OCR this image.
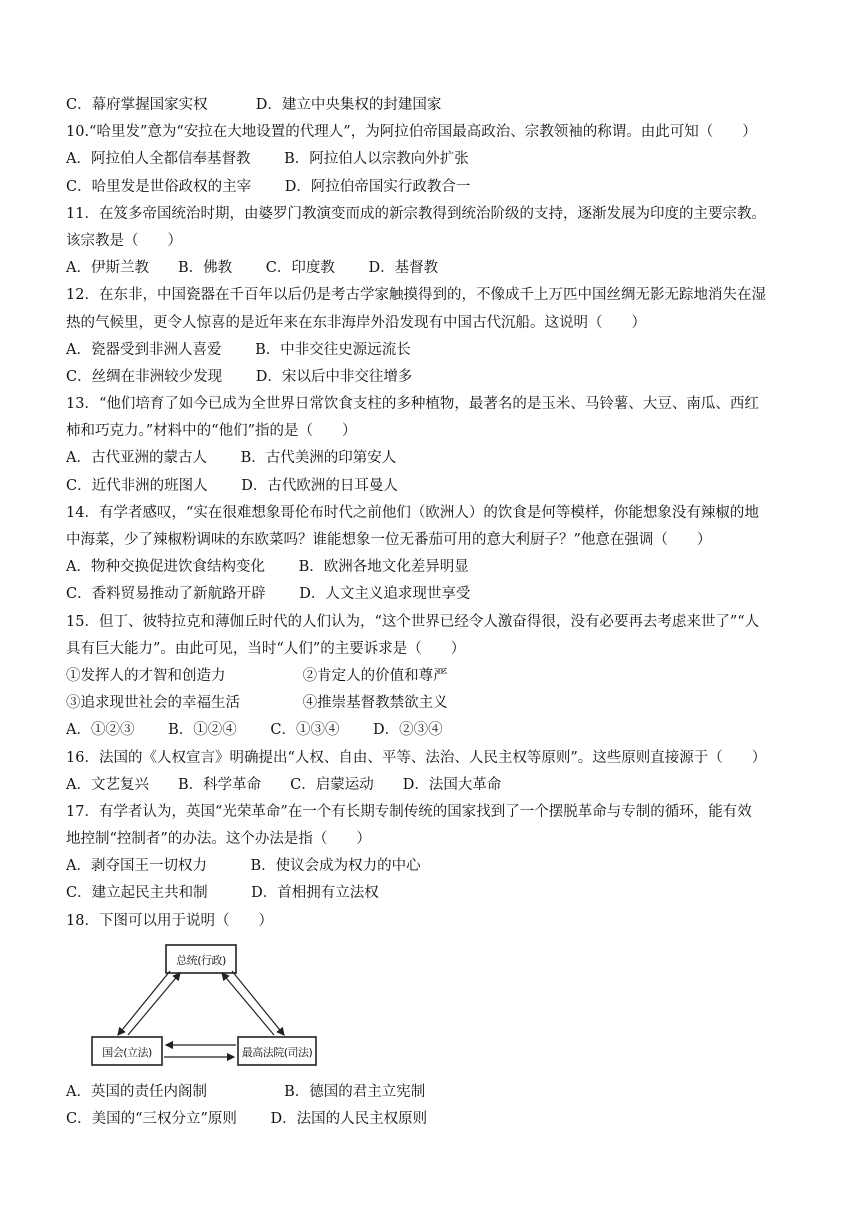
C．幕府掌握国家实权　　　 D．建立中央集权的封建国家
10.“哈里发”意为“安拉在大地设置的代理人”，为阿拉伯帝国最高政治、宗教领袖的称谓。由此可知（　　）
A．阿拉伯人全都信奉基督教　　 B．阿拉伯人以宗教向外扩张
C．哈里发是世俗政权的主宰　　 D．阿拉伯帝国实行政教合一
11．在笈多帝国统治时期，由婆罗门教演变而成的新宗教得到统治阶级的支持，逐渐发展为印度的主要宗教。
该宗教是（　　）
A．伊斯兰教　　B．佛教　　 C．印度教　　 D．基督教
12．在东非，中国瓷器在千百年以后仍是考古学家触摸得到的，不像成千上万匹中国丝绸无影无踪地消失在湿
热的气候里，更令人惊喜的是近年来在东非海岸外沿发现有中国古代沉船。这说明（　　）
A．瓷器受到非洲人喜爱　　 B．中非交往史源远流长
C．丝绸在非洲较少发现　　 D．宋以后中非交往增多
13．“他们培育了如今已成为全世界日常饮食支柱的多种植物，最著名的是玉米、马铃薯、大豆、南瓜、西红
柿和巧克力。”材料中的“他们”指的是（　　）
A．古代亚洲的蒙古人　　 B．古代美洲的印第安人
C．近代非洲的班图人　　 D．古代欧洲的日耳曼人
14．有学者感叹，“实在很难想象哥伦布时代之前他们（欧洲人）的饮食是何等模样，你能想象没有辣椒的地
中海菜，少了辣椒粉调味的东欧菜吗？谁能想象一位无番茄可用的意大利厨子？”他意在强调（　　）
A．物种交换促进饮食结构变化　　 B．欧洲各地文化差异明显
C．香料贸易推动了新航路开辟　　 D．人文主义追求现世享受
15．但丁、彼特拉克和薄伽丘时代的人们认为，“这个世界已经令人激奋得很，没有必要再去考虑来世了”“人
具有巨大能力”。由此可见，当时“人们”的主要诉求是（　　）
①发挥人的才智和创造力　　　　　 ②肯定人的价值和尊严
③追求现世社会的幸福生活　　　　 ④推崇基督教禁欲主义
A．①②③　　 B．①②④　　 C．①③④　　 D．②③④
16．法国的《人权宣言》明确提出“人权、自由、平等、法治、人民主权等原则”。这些原则直接源于（　　）
A．文艺复兴　　B．科学革命　　C．启蒙运动　　D．法国大革命
17．有学者认为，英国“光荣革命”在一个有长期专制传统的国家找到了一个摆脱革命与专制的循环，能有效
地控制“控制者”的办法。这个办法是指（　　）
A．剥夺国王一切权力　　　B．使议会成为权力的中心
C．建立起民主共和制　　　D．首相拥有立法权
18．下图可以用于说明（　　）
总统(行政)
国会(立法)	最高法院(司法)
A．英国的责任内阁制　　　　　 B．德国的君主立宪制
C．美国的“三权分立”原则　　 D．法国的人民主权原则
